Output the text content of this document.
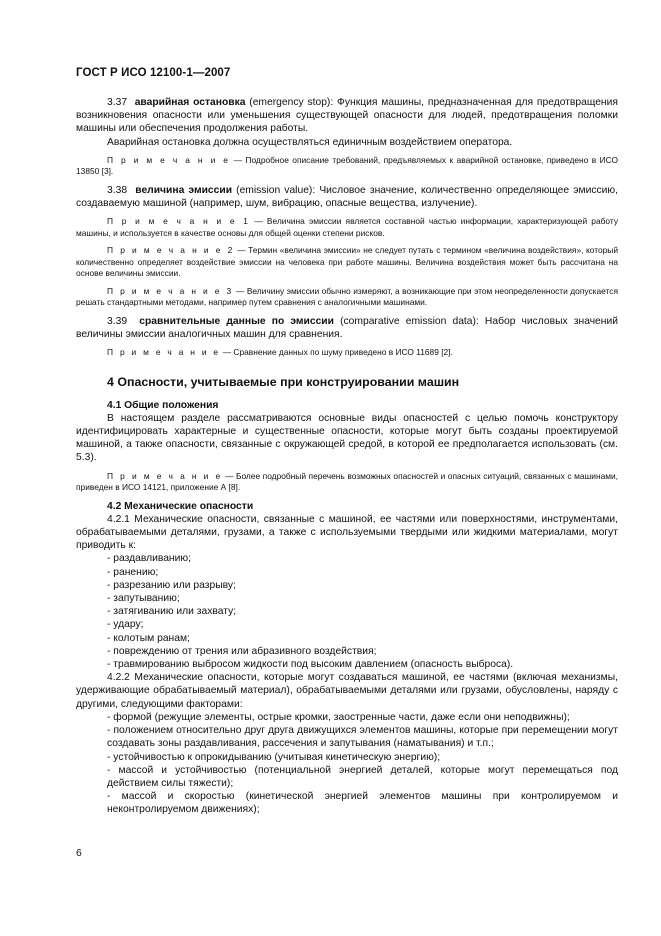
ГОСТ Р ИСО 12100-1—2007

3.37 аварийная остановка (emergency stop): Функция машины, предназначенная для предотвращения возникновения опасности или уменьшения существующей опасности для людей, предотвращения поломки машины или обеспечения продолжения работы.

Аварийная остановка должна осуществляться единичным воздействием оператора.

П р и м е ч а н и е — Подробное описание требований, предъявляемых к аварийной остановке, приведено в ИСО 13850 [3].

3.38 величина эмиссии (emission value): Числовое значение, количественно определяющее эмиссию, создаваемую машиной (например, шум, вибрацию, опасные вещества, излучение).

П р и м е ч а н и е 1 — Величина эмиссии является составной частью информации, характеризующей работу машины, и используется в качестве основы для общей оценки степени рисков.

П р и м е ч а н и е 2 — Термин «величина эмиссии» не следует путать с термином «величина воздействия», который количественно определяет воздействие эмиссии на человека при работе машины. Величина воздействия может быть рассчитана на основе величины эмиссии.

П р и м е ч а н и е 3 — Величину эмиссии обычно измеряют, а возникающие при этом неопределенности допускается решать стандартными методами, например путем сравнения с аналогичными машинами.

3.39 сравнительные данные по эмиссии (comparative emission data): Набор числовых значений величины эмиссии аналогичных машин для сравнения.

П р и м е ч а н и е — Сравнение данных по шуму приведено в ИСО 11689 [2].

4 Опасности, учитываемые при конструировании машин
4.1 Общие положения

В настоящем разделе рассматриваются основные виды опасностей с целью помочь конструктору идентифицировать характерные и существенные опасности, которые могут быть созданы проектируемой машиной, а также опасности, связанные с окружающей средой, в которой ее предполагается использовать (см. 5.3).

П р и м е ч а н и е — Более подробный перечень возможных опасностей и опасных ситуаций, связанных с машинами, приведен в ИСО 14121, приложение А [8].

4.2 Механические опасности

4.2.1 Механические опасности, связанные с машиной, ее частями или поверхностями, инструментами, обрабатываемыми деталями, грузами, а также с используемыми твердыми или жидкими материалами, могут приводить к:

- раздавливанию;
- ранению;
- разрезанию или разрыву;
- запутыванию;
- затягиванию или захвату;
- удару;
- колотым ранам;
- повреждению от трения или абразивного воздействия;
- травмированию выбросом жидкости под высоким давлением (опасность выброса).

4.2.2 Механические опасности, которые могут создаваться машиной, ее частями (включая механизмы, удерживающие обрабатываемый материал), обрабатываемыми деталями или грузами, обусловлены, наряду с другими, следующими факторами:

- формой (режущие элементы, острые кромки, заостренные части, даже если они неподвижны);
- положением относительно друг друга движущихся элементов машины, которые при перемещении могут создавать зоны раздавливания, рассечения и запутывания (наматывания) и т.п.;
- устойчивостью к опрокидыванию (учитывая кинетическую энергию);
- массой и устойчивостью (потенциальной энергией деталей, которые могут перемещаться под действием силы тяжести);
- массой и скоростью (кинетической энергией элементов машины при контролируемом и неконтролируемом движениях);
6
